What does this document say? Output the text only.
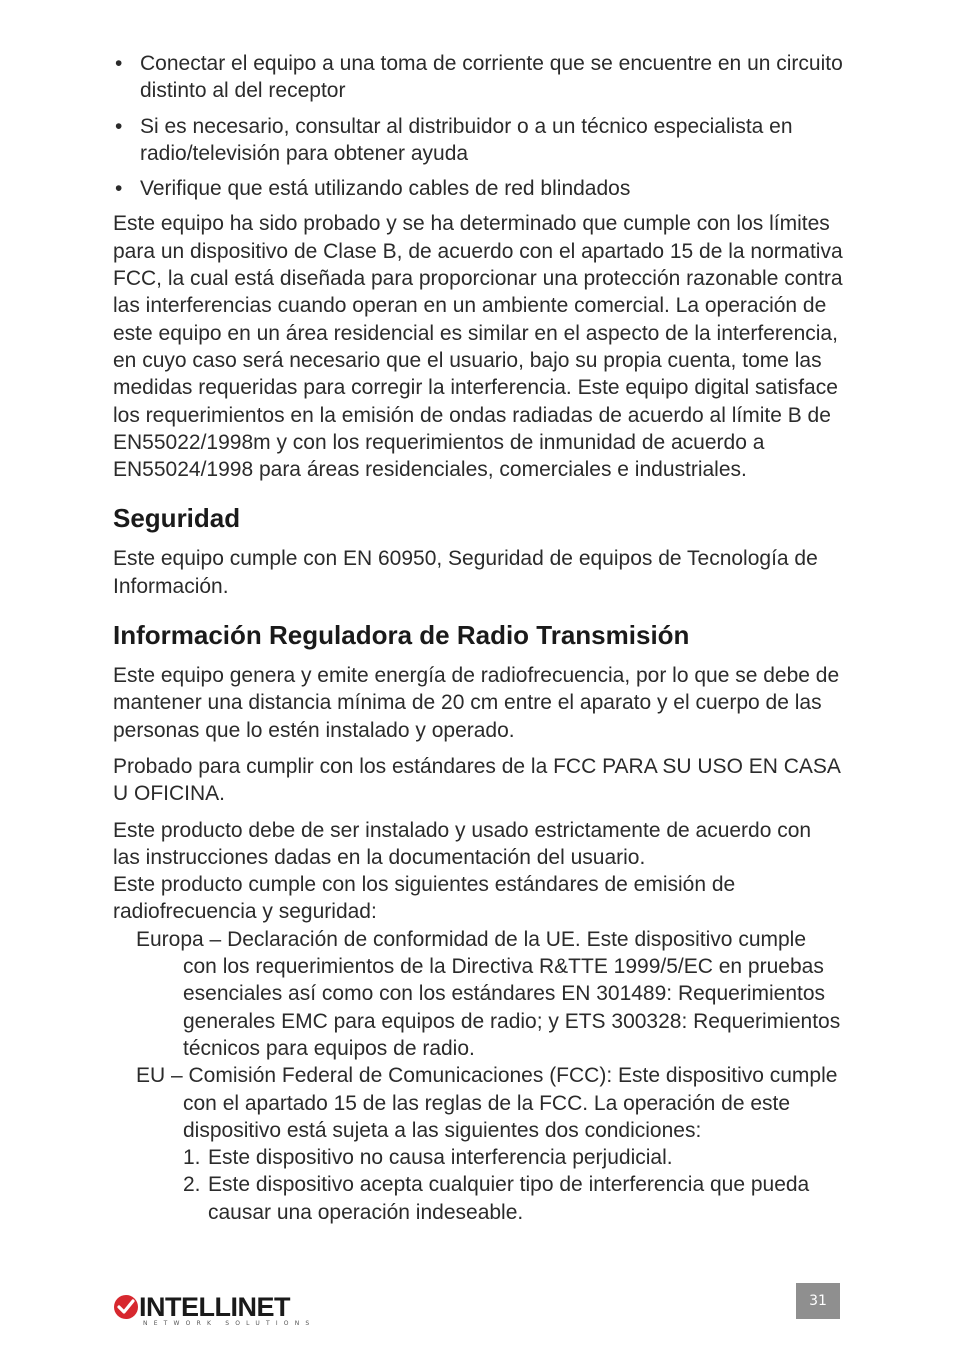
• Conectar el equipo a una toma de corriente que se encuentre en un circuito distinto al del receptor
• Si es necesario, consultar al distribuidor o a un técnico especialista en radio/televisión para obtener ayuda
• Verifique que está utilizando cables de red blindados

Este equipo ha sido probado y se ha determinado que cumple con los límites para un dispositivo de Clase B, de acuerdo con el apartado 15 de la normativa FCC, la cual está diseñada para proporcionar una protección razonable contra las interferencias cuando operan en un ambiente comercial. La operación de este equipo en un área residencial es similar en el aspecto de la interferencia, en cuyo caso será necesario que el usuario, bajo su propia cuenta, tome las medidas requeridas para corregir la interferencia. Este equipo digital satisface los requerimientos en la emisión de ondas radiadas de acuerdo al límite B de EN55022/1998m y con los requerimientos de inmunidad de acuerdo a EN55024/1998 para áreas residenciales, comerciales e industriales.

Seguridad

Este equipo cumple con EN 60950, Seguridad de equipos de Tecnología de Información.

Información Reguladora de Radio Transmisión

Este equipo genera y emite energía de radiofrecuencia, por lo que se debe de mantener una distancia mínima de 20 cm entre el aparato y el cuerpo de las personas que lo estén instalado y operado.

Probado para cumplir con los estándares de la FCC PARA SU USO EN CASA U OFICINA.

Este producto debe de ser instalado y usado estrictamente de acuerdo con las instrucciones dadas en la documentación del usuario.

Este producto cumple con los siguientes estándares de emisión de radiofrecuencia y seguridad:

Europa – Declaración de conformidad de la UE. Este dispositivo cumple con los requerimientos de la Directiva R&TTE 1999/5/EC en pruebas esenciales así como con los estándares EN 301489: Requerimientos generales EMC para equipos de radio; y ETS 300328: Requerimientos técnicos para equipos de radio.

EU – Comisión Federal de Comunicaciones (FCC): Este dispositivo cumple con el apartado 15 de las reglas de la FCC. La operación de este dispositivo está sujeta a las siguientes dos condiciones:

1. Este dispositivo no causa interferencia perjudicial.

2. Este dispositivo acepta cualquier tipo de interferencia que pueda causar una operación indeseable.

INTELLINET
NETWORK SOLUTIONS
31
